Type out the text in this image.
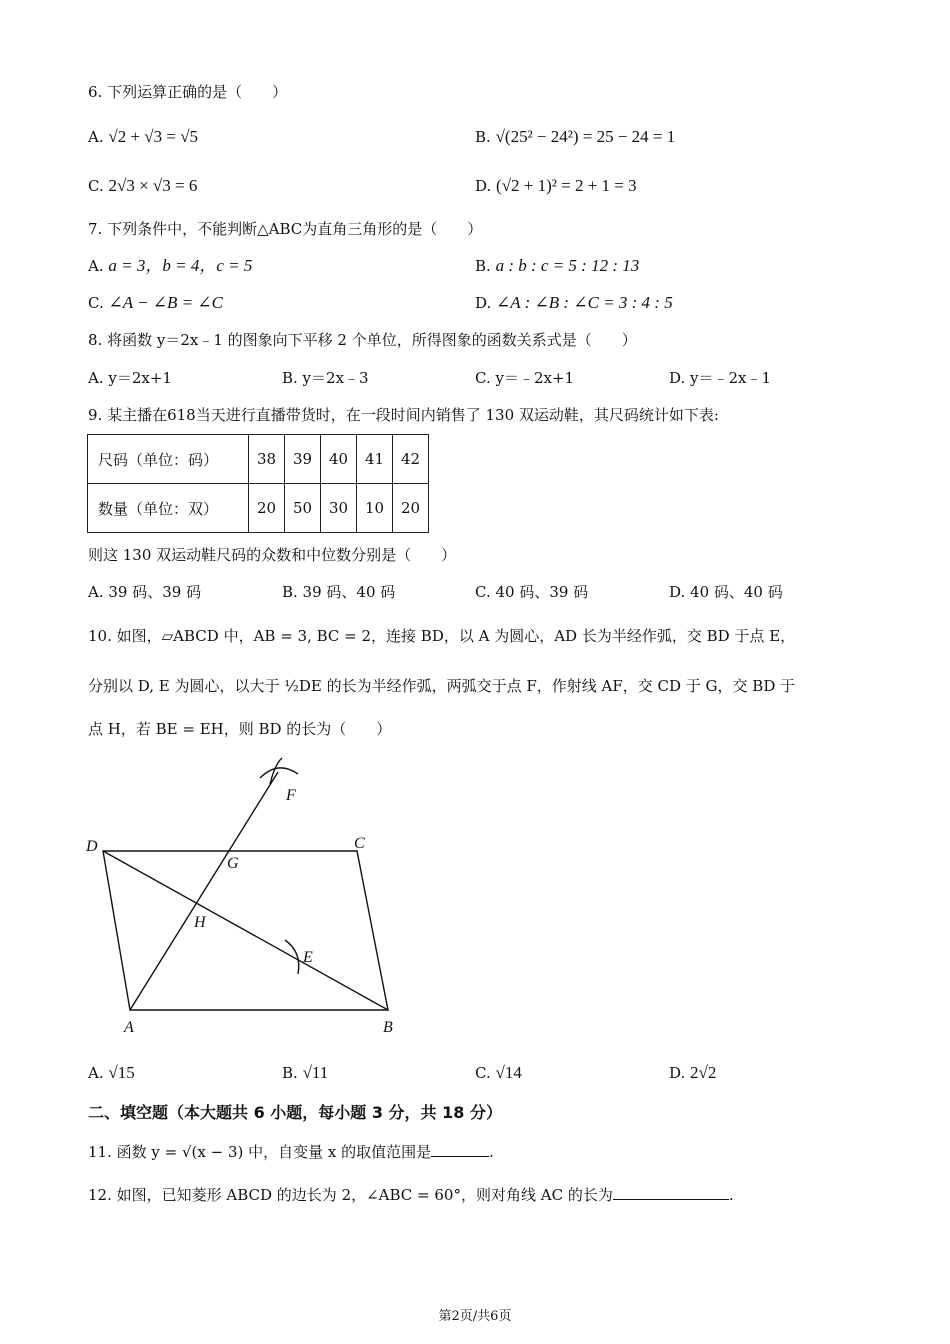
6. 下列运算正确的是（　　）
A. √2 + √3 = √5	B. √(25² − 24²) = 25 − 24 = 1
C. 2√3 × √3 = 6	D. (√2 + 1)² = 2 + 1 = 3
7. 下列条件中，不能判断△ABC为直角三角形的是（　　）
A. a = 3，b = 4，c = 5	B. a : b : c = 5 : 12 : 13
C. ∠A − ∠B = ∠C	D. ∠A : ∠B : ∠C = 3 : 4 : 5
8. 将函数 y＝2x﹣1 的图象向下平移 2 个单位，所得图象的函数关系式是（　　）
A. y＝2x+1	B. y＝2x﹣3	C. y＝﹣2x+1	D. y＝﹣2x﹣1
9. 某主播在618当天进行直播带货时，在一段时间内销售了 130 双运动鞋，其尺码统计如下表:
尺码（单位：码）	38	39	40	41	42
数量（单位：双）	20	50	30	10	20
则这 130 双运动鞋尺码的众数和中位数分别是（　　）
A. 39 码、39 码	B. 39 码、40 码	C. 40 码、39 码	D. 40 码、40 码
10. 如图，▱ABCD 中，AB = 3, BC = 2，连接 BD，以 A 为圆心，AD 长为半经作弧，交 BD 于点 E，
分别以 D, E 为圆心，以大于 ½DE 的长为半经作弧，两弧交于点 F，作射线 AF，交 CD 于 G，交 BD 于
点 H，若 BE = EH，则 BD 的长为（　　）
D	C
A	B
F
G
H
E
A. √15	B. √11	C. √14	D. 2√2
二、填空题（本大题共 6 小题，每小题 3 分，共 18 分）
11. 函数 y = √(x − 3) 中，自变量 x 的取值范围是	.
12. 如图，已知菱形 ABCD 的边长为 2，∠ABC = 60°，则对角线 AC 的长为	.
第2页/共6页
